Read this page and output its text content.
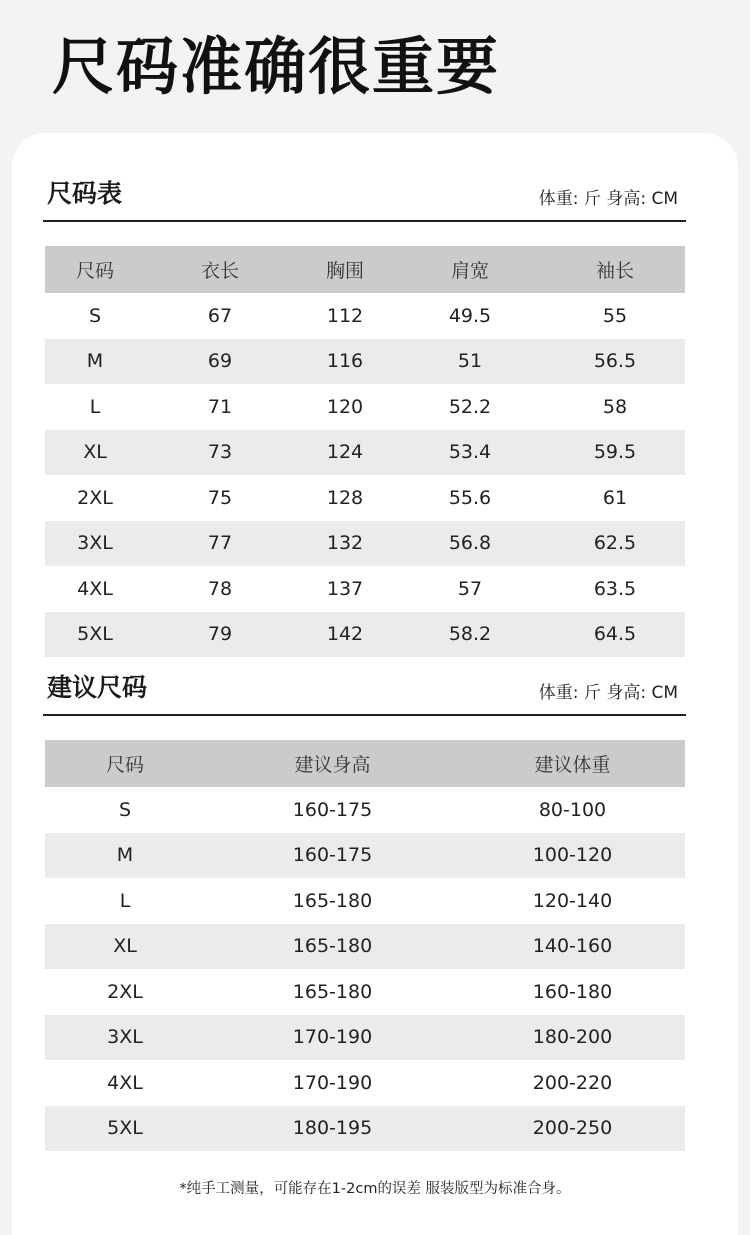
尺码准确很重要
尺码表	体重: 斤 身高: CM
尺码	衣长	胸围	肩宽	袖长
S	67	112	49.5	55
M	69	116	51	56.5
L	71	120	52.2	58
XL	73	124	53.4	59.5
2XL	75	128	55.6	61
3XL	77	132	56.8	62.5
4XL	78	137	57	63.5
5XL	79	142	58.2	64.5
建议尺码	体重: 斤 身高: CM
尺码	建议身高	建议体重
S	160-175	80-100
M	160-175	100-120
L	165-180	120-140
XL	165-180	140-160
2XL	165-180	160-180
3XL	170-190	180-200
4XL	170-190	200-220
5XL	180-195	200-250
*纯手工测量，可能存在1-2cm的误差 服装版型为标准合身。
